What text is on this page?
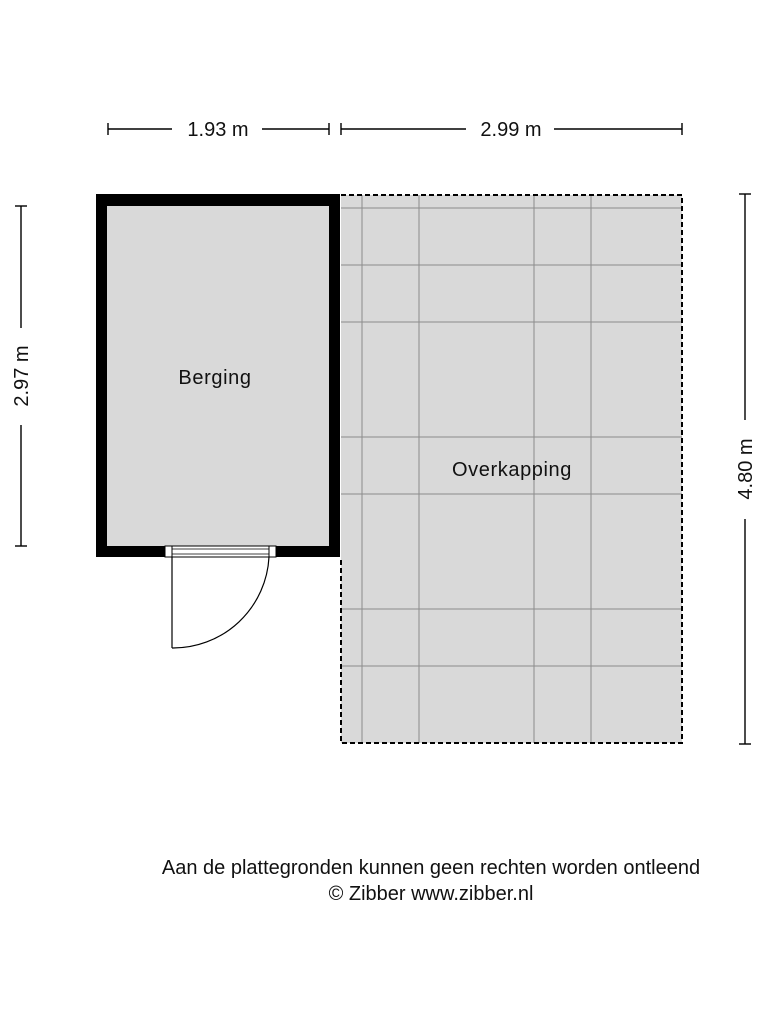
1.93 m	2.99 m
2.97 m
4.80 m
Overkapping
Berging
Aan de plattegronden kunnen geen rechten worden ontleend
© Zibber www.zibber.nl
